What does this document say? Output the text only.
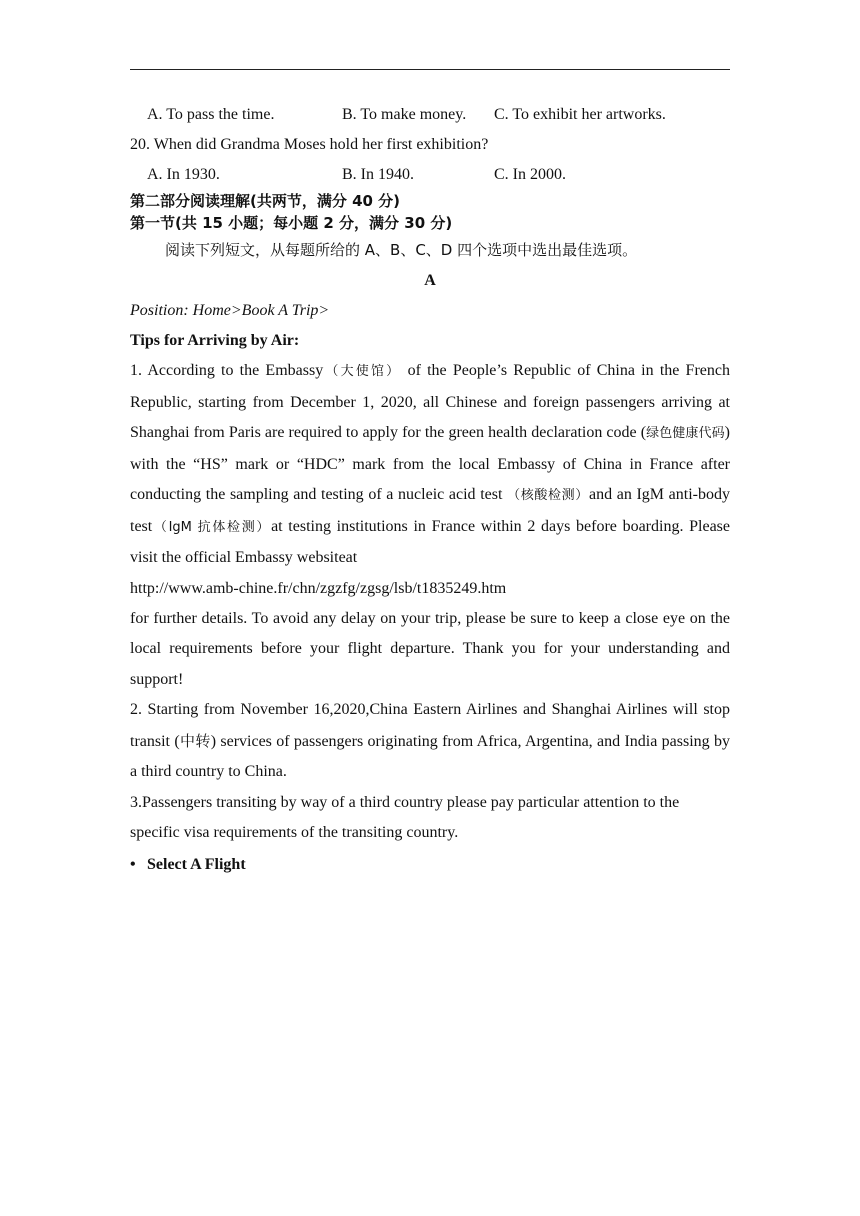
A. To pass the time.	B. To make money. C. To exhibit her artworks.
20. When did Grandma Moses hold her first exhibition?
A. In 1930.	B. In 1940.	C. In 2000.
第二部分阅读理解(共两节，满分 40 分)
第一节(共 15 小题；每小题 2 分，满分 30 分)
阅读下列短文，从每题所给的 A、B、C、D 四个选项中选出最佳选项。
A
Position: Home>Book A Trip>
Tips for Arriving by Air:

1. According to the Embassy（大使馆） of the People’s Republic of China in the French Republic, starting from December 1, 2020, all Chinese and foreign passengers arriving at Shanghai from Paris are required to apply for the green health declaration code (绿色健康代码) with the “HS” mark or “HDC” mark from the local Embassy of China in France after conducting the sampling and testing of a nucleic acid test （核酸检测）and an IgM anti-body test（IgM 抗体检测）at testing institutions in France within 2 days before boarding. Please visit the official Embassy websiteat

http://www.amb-chine.fr/chn/zgzfg/zgsg/lsb/t1835249.htm

for further details. To avoid any delay on your trip, please be sure to keep a close eye on the local requirements before your flight departure. Thank you for your understanding and support!

2. Starting from November 16,2020,China Eastern Airlines and Shanghai Airlines will stop transit (中转) services of passengers originating from Africa, Argentina, and India passing by a third country to China.

3.Passengers transiting by way of a third country please pay particular attention to the specific visa requirements of the transiting country.

• Select A Flight
